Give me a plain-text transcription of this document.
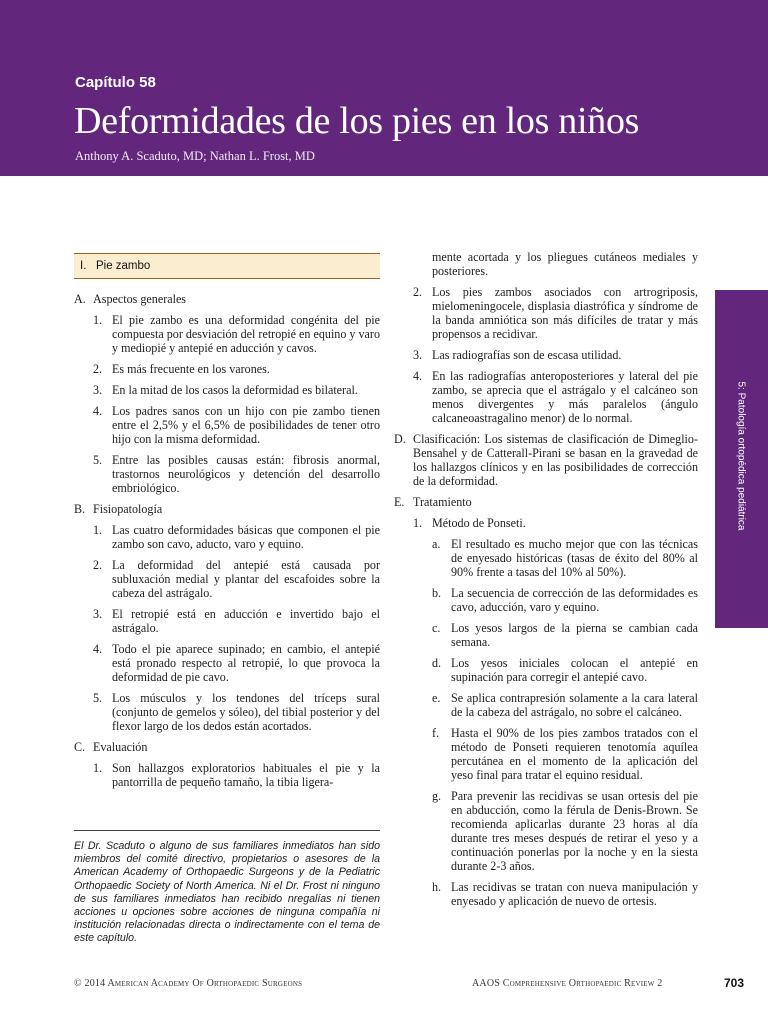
Capítulo 58
Deformidades de los pies en los niños
Anthony A. Scaduto, MD; Nathan L. Frost, MD
5: Patología ortopédica pediátrica
I.   Pie zambo
A. Aspectos generales
1. El pie zambo es una deformidad congénita del pie compuesta por desviación del retropié en equino y varo y mediopié y antepié en aducción y cavos.
2. Es más frecuente en los varones.
3. En la mitad de los casos la deformidad es bilateral.
4. Los padres sanos con un hijo con pie zambo tienen entre el 2,5% y el 6,5% de posibilidades de tener otro hijo con la misma deformidad.
5. Entre las posibles causas están: fibrosis anormal, trastornos neurológicos y detención del desarrollo embriológico.
B. Fisiopatología
1. Las cuatro deformidades básicas que componen el pie zambo son cavo, aducto, varo y equino.
2. La deformidad del antepié está causada por subluxación medial y plantar del escafoides sobre la cabeza del astrágalo.
3. El retropié está en aducción e invertido bajo el astrágalo.
4. Todo el pie aparece supinado; en cambio, el antepié está pronado respecto al retropié, lo que provoca la deformidad de pie cavo.
5. Los músculos y los tendones del tríceps sural (conjunto de gemelos y sóleo), del tibial posterior y del flexor largo de los dedos están acortados.
C. Evaluación
1. Son hallazgos exploratorios habituales el pie y la pantorrilla de pequeño tamaño, la tibia ligera-
mente acortada y los pliegues cutáneos mediales y posteriores.
2. Los pies zambos asociados con artrogriposis, mielomeningocele, displasia diastrófica y síndrome de la banda amniótica son más difíciles de tratar y más propensos a recidivar.
3. Las radiografías son de escasa utilidad.
4. En las radiografías anteroposteriores y lateral del pie zambo, se aprecia que el astrágalo y el calcáneo son menos divergentes y más paralelos (ángulo calcaneoastragalino menor) de lo normal.
D. Clasificación: Los sistemas de clasificación de Dimeglio-Bensahel y de Catterall-Pirani se basan en la gravedad de los hallazgos clínicos y en las posibilidades de corrección de la deformidad.
E. Tratamiento
1. Método de Ponseti.
a. El resultado es mucho mejor que con las técnicas de enyesado históricas (tasas de éxito del 80% al 90% frente a tasas del 10% al 50%).
b. La secuencia de corrección de las deformidades es cavo, aducción, varo y equino.
c. Los yesos largos de la pierna se cambian cada semana.
d. Los yesos iniciales colocan el antepié en supinación para corregir el antepié cavo.
e. Se aplica contrapresión solamente a la cara lateral de la cabeza del astrágalo, no sobre el calcáneo.
f. Hasta el 90% de los pies zambos tratados con el método de Ponseti requieren tenotomía aquílea percutánea en el momento de la aplicación del yeso final para tratar el equino residual.
g. Para prevenir las recidivas se usan ortesis del pie en abducción, como la férula de Denis-Brown. Se recomienda aplicarlas durante 23 horas al día durante tres meses después de retirar el yeso y a continuación ponerlas por la noche y en la siesta durante 2-3 años.
h. Las recidivas se tratan con nueva manipulación y enyesado y aplicación de nuevo de ortesis.
El Dr. Scaduto o alguno de sus familiares inmediatos han sido miembros del comité directivo, propietarios o asesores de la American Academy of Orthopaedic Surgeons y de la Pediatric Orthopaedic Society of North America. Ni el Dr. Frost ni ninguno de sus familiares inmediatos han recibido nregalías ni tienen acciones u opciones sobre acciones de ninguna compañía ni institución relacionadas directa o indirectamente con el tema de este capítulo.
© 2014 American Academy Of Orthopaedic Surgeons	AAOS Comprehensive Orthopaedic Review 2	703
